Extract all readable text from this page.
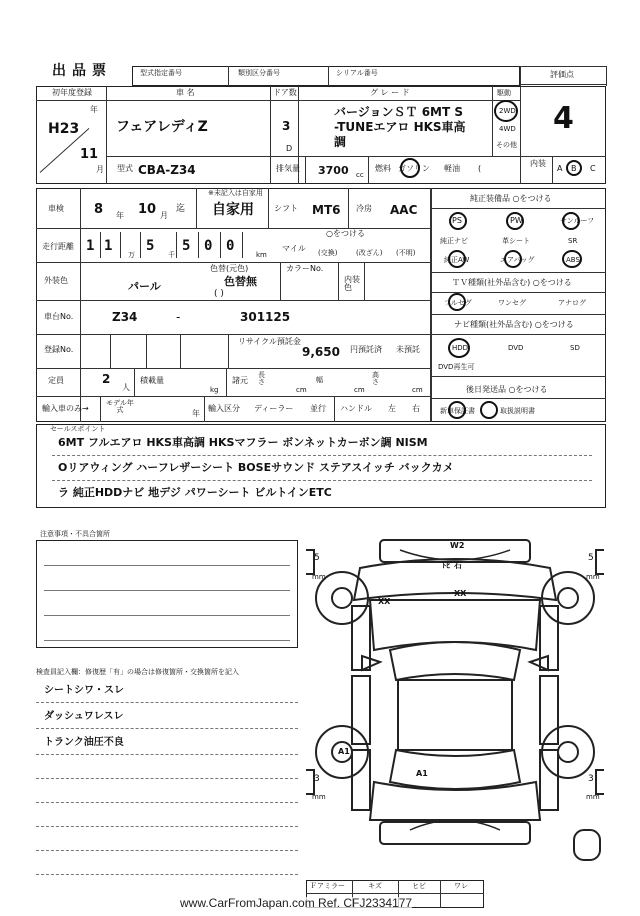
出品票	型式指定番号	類別区分番号	シリアル番号
初年度登録
H23
年
11
月
車 名
フェアレディZ
ドア数
3
D
グ レ ー ド
バージョンＳＴ 6MT S
-TUNEエアロ HKS車高
調
駆動
2WD
4WD
その他
評価点
4
型式 CBA-Z34	排気量 3700 cc
燃料 ガソリン 軽油 (
内装
A B C
車検 8 年 10 月
迄
※未記入は自家用
自家用	シフト MT6 冷房 AAC
走行距離 1 1
万
5
千
5 0 0
km
○をつける
マイル (交換)	(改ざん) (不明)
外装色	パール
色替(元色)
色替無
( )
カラーNo.
内装色
車台No.	Z34	-	301125
登録No.
リサイクル預託金
9,650 円預託済 未預託
定員	2
人
積載量
kg
諸元
長さ
cm
幅
cm
高さ
cm
輸入車のみ→
モデル年式	年
輸入区分 ディーラー 並行 ハンドル 左 右
純正装備品 ○をつける
PS	PW	サンルーフ
純正ナビ	革シート	SR
純正AW	エアバッグ	ABS
ＴＶ種類(社外品含む) ○をつける
フルセグ	ワンセグ	アナログ
ナビ種類(社外品含む) ○をつける
HDD	DVD	SD
DVD再生可
後日発送品 ○をつける
新車保証書	取扱説明書
セールスポイント
6MT フルエアロ HKS車高調 HKSマフラー ボンネットカーボン調 NISM
Oリアウィング ハーフレザーシート BOSEサウンド ステアスイッチ バックカメ
ラ 純正HDDナビ 地デジ パワーシート ビルトインETC
注意事項・不具合箇所
検査員記入欄：修復歴「有」の場合は修復箇所・交換箇所を記入
シートシワ・スレ
ダッシュワレスレ
トランク油圧不良
W2
ﾄﾋﾞ石
XX
XX
A1
A1
5
mm
5
mm
3
mm
3
mm
Ｆアミラー	キズ	ヒビ	ワレ
www.CarFromJapan.com Ref. CFJ2334177
